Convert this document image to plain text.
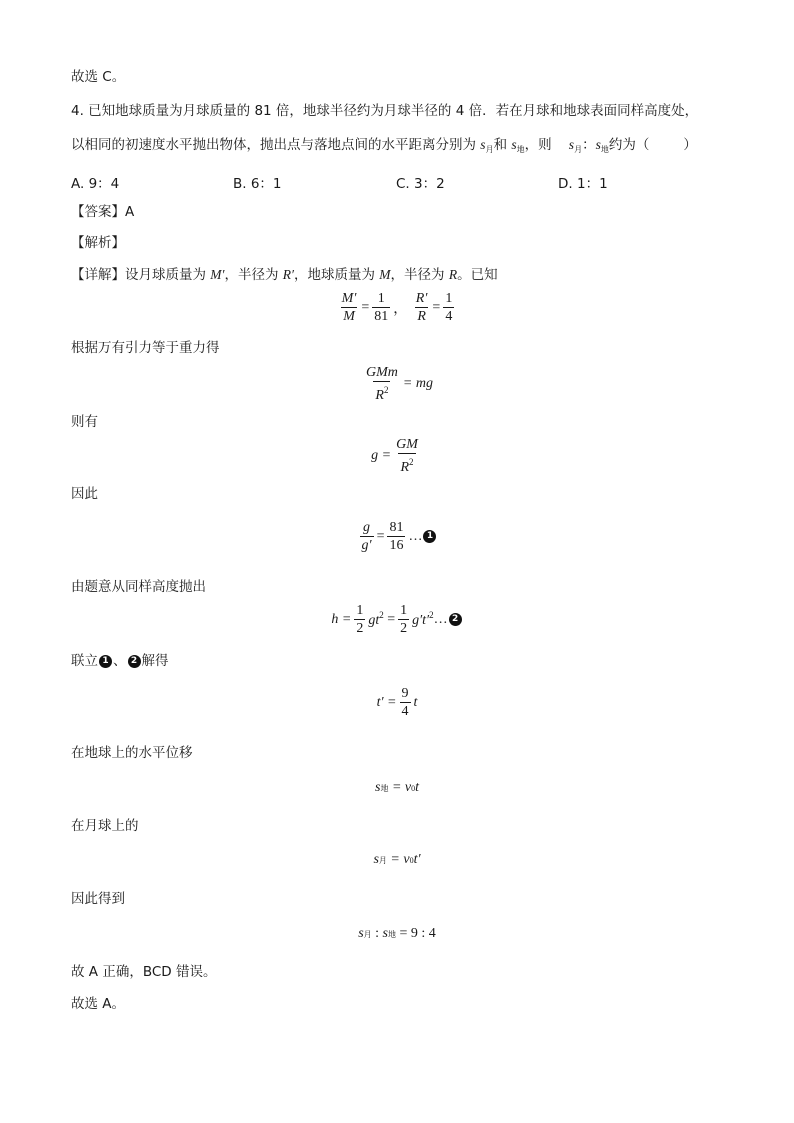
故选 C。
4. 已知地球质量为月球质量的 81 倍，地球半径约为月球半径的 4 倍．若在月球和地球表面同样高度处，
以相同的初速度水平抛出物体，抛出点与落地点间的水平距离分别为 $s_月$和 $s_地$，则 $s_月$：$s_地$约为（	）
A. 9：4	B. 6：1	C. 3：2	D. 1：1
【答案】A
【解析】
【详解】设月球质量为 M′，半径为 R′，地球质量为 M，半径为 R。已知
$\frac{M'}{M} = \frac{1}{81}$ ，
$\frac{R'}{R} = \frac{1}{4}$
根据万有引力等于重力得
$\frac{\text{GMm}}{R^2}$ = mg
则有
$g = \frac{GM}{R^2}$
因此
$\frac{g}{g'} = \frac{81}{16}$ … 1
由题意从同样高度抛出
$h = \frac{1}{2} gt^2$
= $\frac{1}{2} g't'^2$ … 2
联立 1 、 2 解得
$t' = \frac{9}{4}$ t
在地球上的水平位移
s 地
= v 0 t
在月球上的
s 月
= v 0 t′
因此得到
s 月
:
s 地
= 9 : 4
故 A 正确，BCD 错误。
故选 A。
